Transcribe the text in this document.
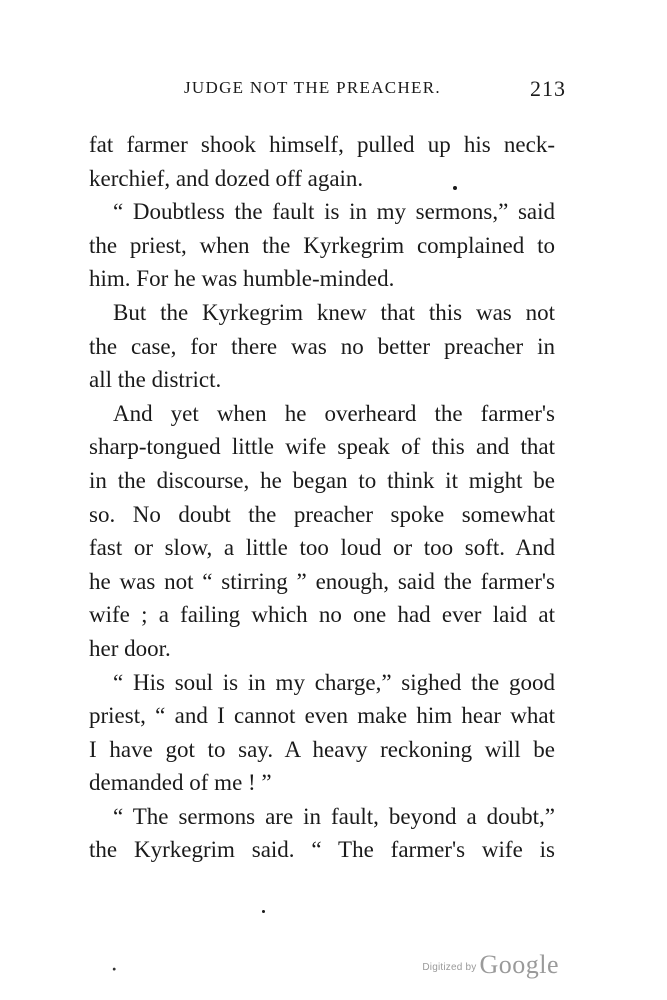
JUDGE NOT THE PREACHER.	213
fat farmer shook himself, pulled up his neck-
kerchief, and dozed off again.
“ Doubtless the fault is in my sermons,” said
the priest, when the Kyrkegrim complained to
him. For he was humble-minded.
But the Kyrkegrim knew that this was not
the case, for there was no better preacher in
all the district.
And yet when he overheard the farmer's
sharp-tongued little wife speak of this and that
in the discourse, he began to think it might be
so. No doubt the preacher spoke somewhat
fast or slow, a little too loud or too soft. And
he was not “ stirring ” enough, said the farmer's
wife ; a failing which no one had ever laid at
her door.
“ His soul is in my charge,” sighed the good
priest, “ and I cannot even make him hear what
I have got to say. A heavy reckoning will be
demanded of me ! ”
“ The sermons are in fault, beyond a doubt,”
the Kyrkegrim said. “ The farmer's wife is
•	Digitized by Google
